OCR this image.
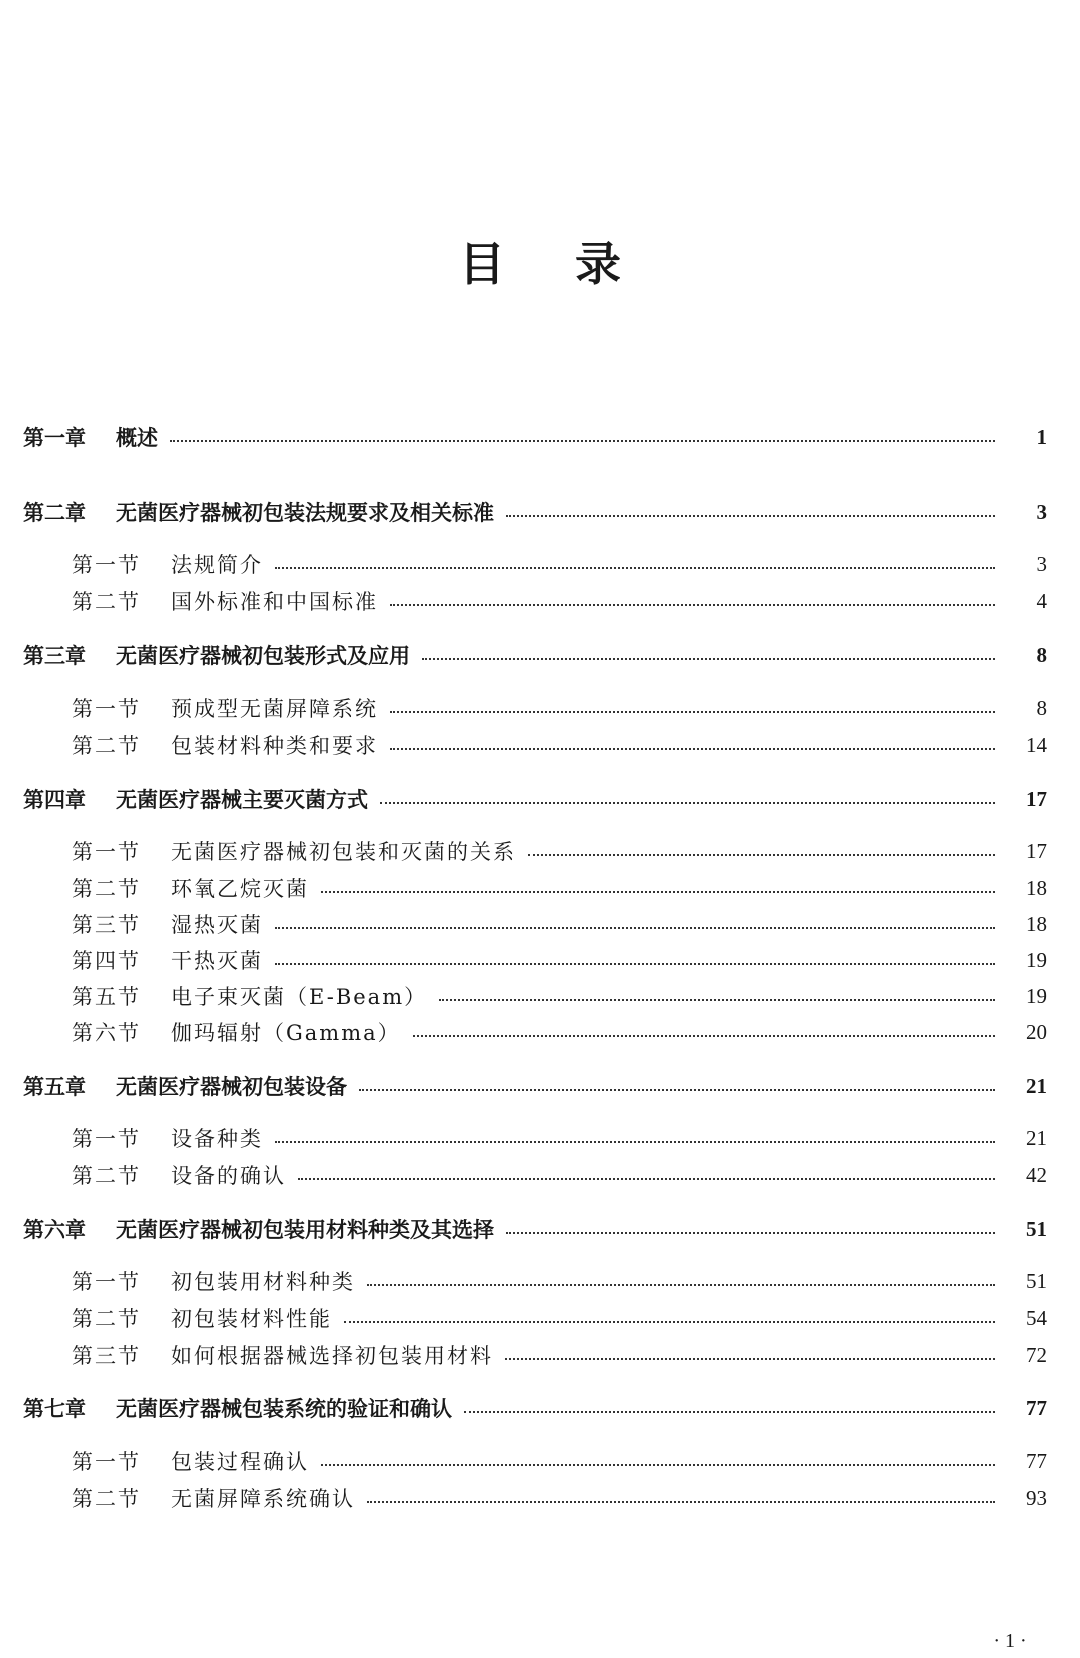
目 录
第一章	概述	1
第二章	无菌医疗器械初包装法规要求及相关标准	3
第一节	法规简介	3
第二节	国外标准和中国标准	4
第三章	无菌医疗器械初包装形式及应用	8
第一节	预成型无菌屏障系统	8
第二节	包装材料种类和要求	14
第四章	无菌医疗器械主要灭菌方式	17
第一节	无菌医疗器械初包装和灭菌的关系	17
第二节	环氧乙烷灭菌	18
第三节	湿热灭菌	18
第四节	干热灭菌	19
第五节	电子束灭菌（E-Beam）	19
第六节	伽玛辐射（Gamma）	20
第五章	无菌医疗器械初包装设备	21
第一节	设备种类	21
第二节	设备的确认	42
第六章	无菌医疗器械初包装用材料种类及其选择	51
第一节	初包装用材料种类	51
第二节	初包装材料性能	54
第三节	如何根据器械选择初包装用材料	72
第七章	无菌医疗器械包装系统的验证和确认	77
第一节	包装过程确认	77
第二节	无菌屏障系统确认	93
· 1 ·
